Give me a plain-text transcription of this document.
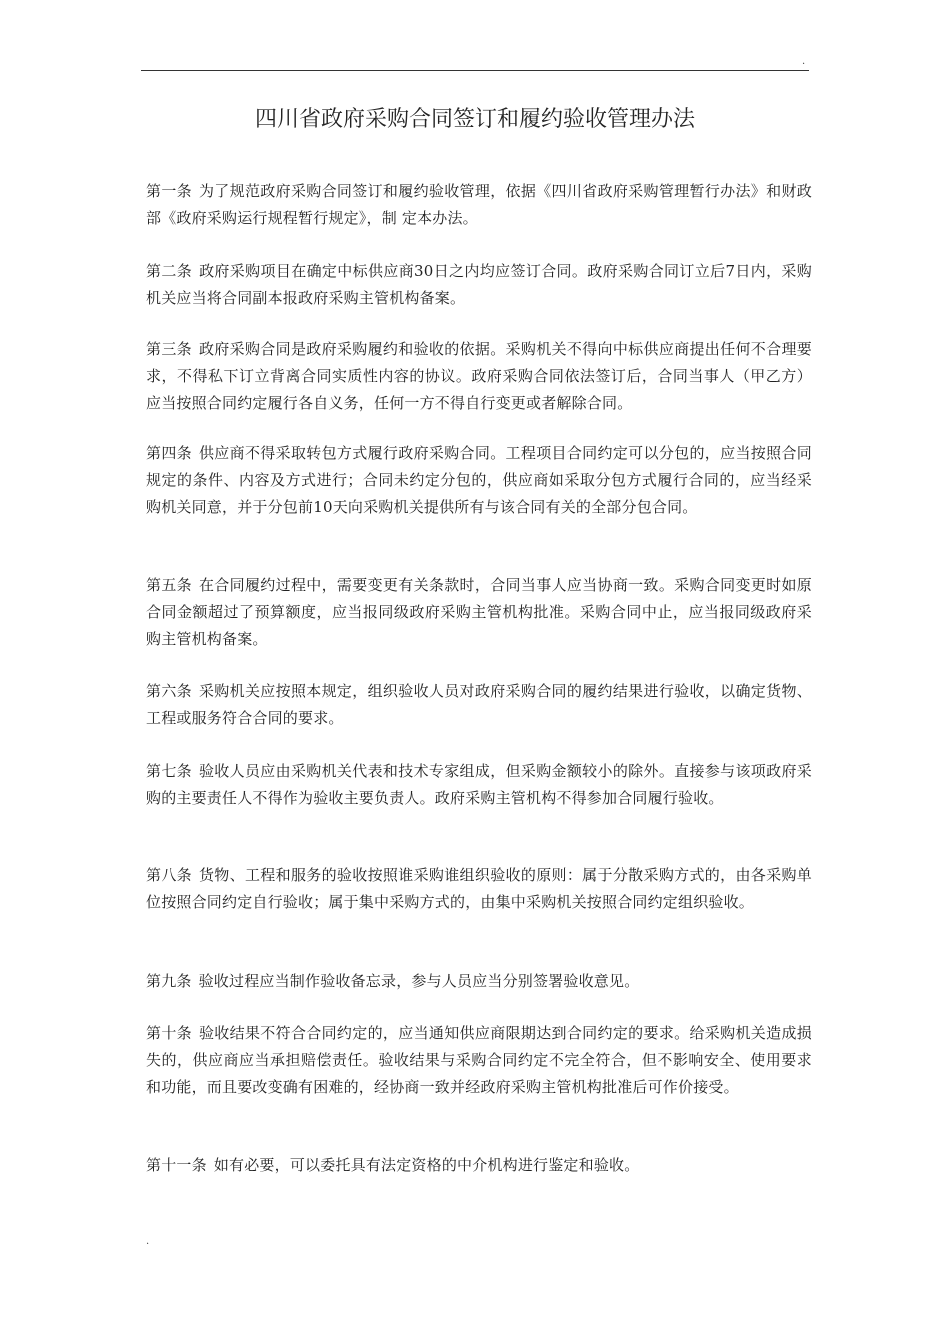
.
四川省政府采购合同签订和履约验收管理办法

第一条 为了规范政府采购合同签订和履约验收管理，依据《四川省政府采购管理暂行办法》和财政部《政府采购运行规程暂行规定》，制 定本办法。

第二条 政府采购项目在确定中标供应商30日之内均应签订合同。政府采购合同订立后7日内，采购机关应当将合同副本报政府采购主管机构备案。

第三条 政府采购合同是政府采购履约和验收的依据。采购机关不得向中标供应商提出任何不合理要求，不得私下订立背离合同实质性内容的协议。政府采购合同依法签订后，合同当事人（甲乙方）应当按照合同约定履行各自义务，任何一方不得自行变更或者解除合同。

第四条 供应商不得采取转包方式履行政府采购合同。工程项目合同约定可以分包的，应当按照合同规定的条件、内容及方式进行；合同未约定分包的，供应商如采取分包方式履行合同的，应当经采购机关同意，并于分包前10天向采购机关提供所有与该合同有关的全部分包合同。

第五条 在合同履约过程中，需要变更有关条款时，合同当事人应当协商一致。采购合同变更时如原合同金额超过了预算额度，应当报同级政府采购主管机构批准。采购合同中止，应当报同级政府采购主管机构备案。

第六条 采购机关应按照本规定，组织验收人员对政府采购合同的履约结果进行验收，以确定货物、工程或服务符合合同的要求。

第七条 验收人员应由采购机关代表和技术专家组成，但采购金额较小的除外。直接参与该项政府采购的主要责任人不得作为验收主要负责人。政府采购主管机构不得参加合同履行验收。

第八条 货物、工程和服务的验收按照谁采购谁组织验收的原则：属于分散采购方式的，由各采购单位按照合同约定自行验收；属于集中采购方式的，由集中采购机关按照合同约定组织验收。

第九条 验收过程应当制作验收备忘录，参与人员应当分别签署验收意见。

第十条 验收结果不符合合同约定的，应当通知供应商限期达到合同约定的要求。给采购机关造成损失的，供应商应当承担赔偿责任。验收结果与采购合同约定不完全符合，但不影响安全、使用要求和功能，而且要改变确有困难的，经协商一致并经政府采购主管机构批准后可作价接受。

第十一条 如有必要，可以委托具有法定资格的中介机构进行鉴定和验收。

.
